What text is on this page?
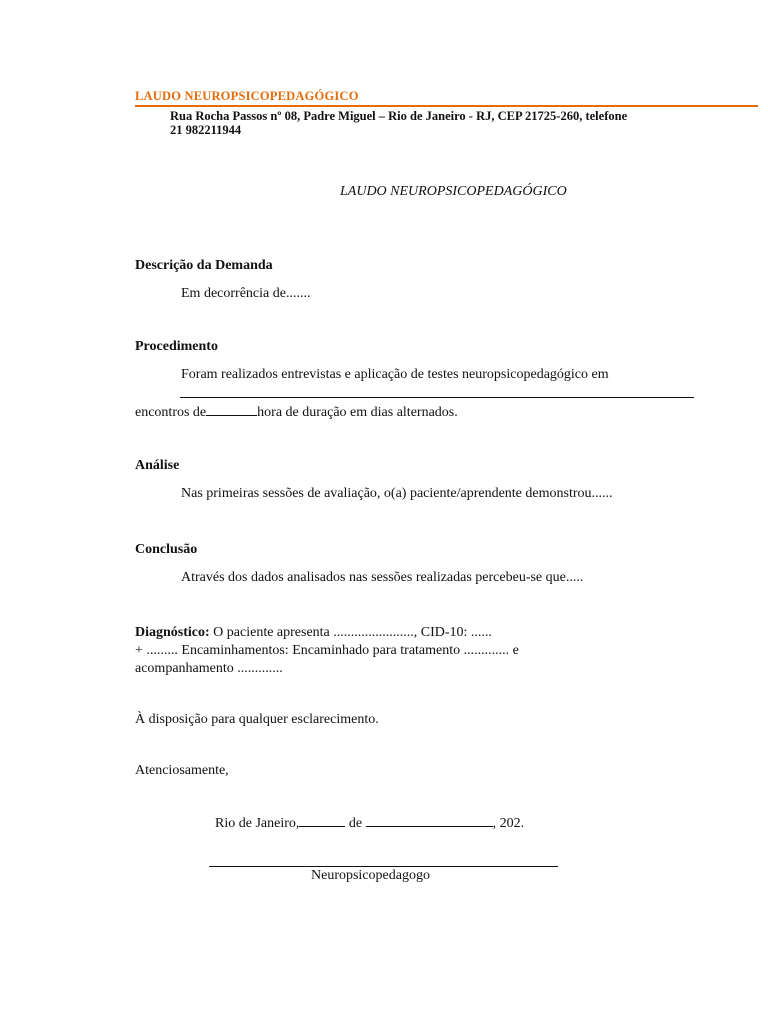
LAUDO NEUROPSICOPEDAGÓGICO
Rua Rocha Passos nº 08, Padre Miguel – Rio de Janeiro - RJ, CEP 21725-260, telefone
21 982211944
LAUDO NEUROPSICOPEDAGÓGICO
Descrição da Demanda
Em decorrência de.......
Procedimento
Foram realizados entrevistas e aplicação de testes neuropsicopedagógico em
encontros de	hora de duração em dias alternados.
Análise
Nas primeiras sessões de avaliação, o(a) paciente/aprendente demonstrou......
Conclusão
Através dos dados analisados nas sessões realizadas percebeu-se que.....
Diagnóstico: O paciente apresenta ......................., CID-10: ......
+ ......... Encaminhamentos: Encaminhado para tratamento ............. e
acompanhamento .............
À disposição para qualquer esclarecimento.
Atenciosamente,
Rio de Janeiro,	de	, 202.
Neuropsicopedagogo
